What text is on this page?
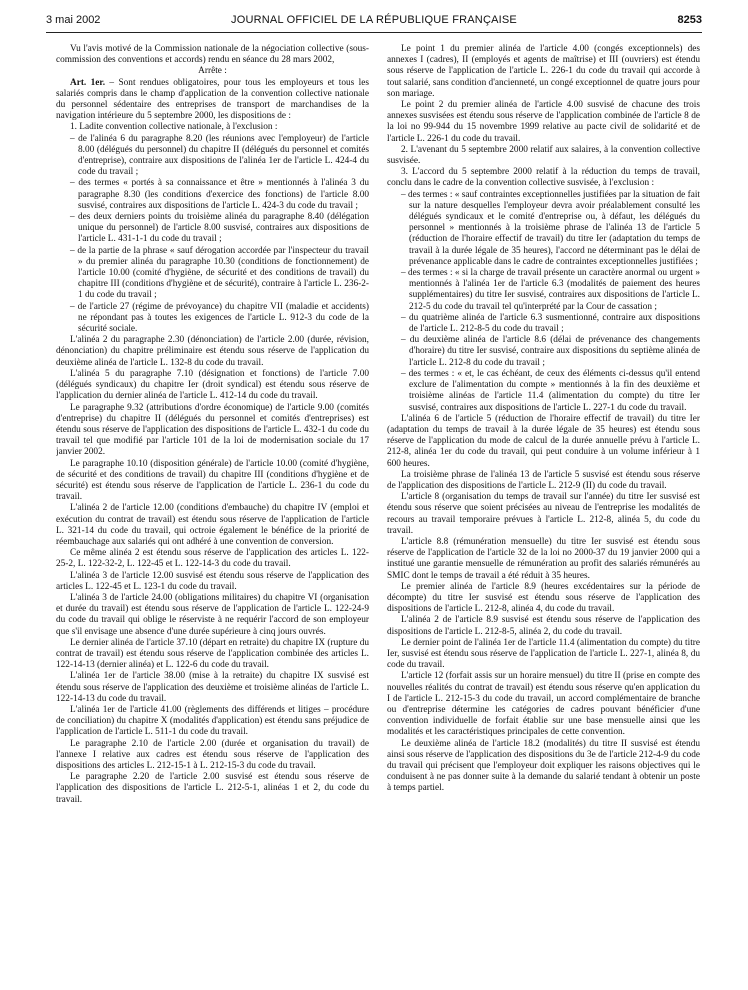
3 mai 2002	JOURNAL OFFICIEL DE LA RÉPUBLIQUE FRANÇAISE	8253

Vu l'avis motivé de la Commission nationale de la négociation collective (sous-commission des conventions et accords) rendu en séance du 28 mars 2002,

Arrête :

Art. 1er. – Sont rendues obligatoires, pour tous les employeurs et tous les salariés compris dans le champ d'application de la convention collective nationale du personnel sédentaire des entreprises de transport de marchandises de la navigation intérieure du 5 septembre 2000, les dispositions de :

1. Ladite convention collective nationale, à l'exclusion :

– de l'alinéa 6 du paragraphe 8.20 (les réunions avec l'employeur) de l'article 8.00 (délégués du personnel) du chapitre II (délégués du personnel et comités d'entreprise), contraire aux dispositions de l'alinéa 1er de l'article L. 424-4 du code du travail ;

– des termes « portés à sa connaissance et être » mentionnés à l'alinéa 3 du paragraphe 8.30 (les conditions d'exercice des fonctions) de l'article 8.00 susvisé, contraires aux dispositions de l'article L. 424-3 du code du travail ;

– des deux derniers points du troisième alinéa du paragraphe 8.40 (délégation unique du personnel) de l'article 8.00 susvisé, contraires aux dispositions de l'article L. 431-1-1 du code du travail ;

– de la partie de la phrase « sauf dérogation accordée par l'inspecteur du travail » du premier alinéa du paragraphe 10.30 (conditions de fonctionnement) de l'article 10.00 (comité d'hygiène, de sécurité et des conditions de travail) du chapitre III (conditions d'hygiène et de sécurité), contraire à l'article L. 236-2-1 du code du travail ;

– de l'article 27 (régime de prévoyance) du chapitre VII (maladie et accidents) ne répondant pas à toutes les exigences de l'article L. 912-3 du code de la sécurité sociale.

L'alinéa 2 du paragraphe 2.30 (dénonciation) de l'article 2.00 (durée, révision, dénonciation) du chapitre préliminaire est étendu sous réserve de l'application du deuxième alinéa de l'article L. 132-8 du code du travail.

L'alinéa 5 du paragraphe 7.10 (désignation et fonctions) de l'article 7.00 (délégués syndicaux) du chapitre Ier (droit syndical) est étendu sous réserve de l'application du dernier alinéa de l'article L. 412-14 du code du travail.

Le paragraphe 9.32 (attributions d'ordre économique) de l'article 9.00 (comités d'entreprise) du chapitre II (délégués du personnel et comités d'entreprises) est étendu sous réserve de l'application des dispositions de l'article L. 432-1 du code du travail tel que modifié par l'article 101 de la loi de modernisation sociale du 17 janvier 2002.

Le paragraphe 10.10 (disposition générale) de l'article 10.00 (comité d'hygiène, de sécurité et des conditions de travail) du chapitre III (conditions d'hygiène et de sécurité) est étendu sous réserve de l'application de l'article L. 236-1 du code du travail.

L'alinéa 2 de l'article 12.00 (conditions d'embauche) du chapitre IV (emploi et exécution du contrat de travail) est étendu sous réserve de l'application de l'article L. 321-14 du code du travail, qui octroie également le bénéfice de la priorité de réembauchage aux salariés qui ont adhéré à une convention de conversion.

Ce même alinéa 2 est étendu sous réserve de l'application des articles L. 122-25-2, L. 122-32-2, L. 122-45 et L. 122-14-3 du code du travail.

L'alinéa 3 de l'article 12.00 susvisé est étendu sous réserve de l'application des articles L. 122-45 et L. 123-1 du code du travail.

L'alinéa 3 de l'article 24.00 (obligations militaires) du chapitre VI (organisation et durée du travail) est étendu sous réserve de l'application de l'article L. 122-24-9 du code du travail qui oblige le réserviste à ne requérir l'accord de son employeur que s'il envisage une absence d'une durée supérieure à cinq jours ouvrés.

Le dernier alinéa de l'article 37.10 (départ en retraite) du chapitre IX (rupture du contrat de travail) est étendu sous réserve de l'application combinée des articles L. 122-14-13 (dernier alinéa) et L. 122-6 du code du travail.

L'alinéa 1er de l'article 38.00 (mise à la retraite) du chapitre IX susvisé est étendu sous réserve de l'application des deuxième et troisième alinéas de l'article L. 122-14-13 du code du travail.

L'alinéa 1er de l'article 41.00 (règlements des différends et litiges – procédure de conciliation) du chapitre X (modalités d'application) est étendu sans préjudice de l'application de l'article L. 511-1 du code du travail.

Le paragraphe 2.10 de l'article 2.00 (durée et organisation du travail) de l'annexe I relative aux cadres est étendu sous réserve de l'application des dispositions des articles L. 212-15-1 à L. 212-15-3 du code du travail.

Le paragraphe 2.20 de l'article 2.00 susvisé est étendu sous réserve de l'application des dispositions de l'article L. 212-5-1, alinéas 1 et 2, du code du travail.

Le point 1 du premier alinéa de l'article 4.00 (congés exceptionnels) des annexes I (cadres), II (employés et agents de maîtrise) et III (ouvriers) est étendu sous réserve de l'application de l'article L. 226-1 du code du travail qui accorde à tout salarié, sans condition d'ancienneté, un congé exceptionnel de quatre jours pour son mariage.

Le point 2 du premier alinéa de l'article 4.00 susvisé de chacune des trois annexes susvisées est étendu sous réserve de l'application combinée de l'article 8 de la loi no 99-944 du 15 novembre 1999 relative au pacte civil de solidarité et de l'article L. 226-1 du code du travail.

2. L'avenant du 5 septembre 2000 relatif aux salaires, à la convention collective susvisée.

3. L'accord du 5 septembre 2000 relatif à la réduction du temps de travail, conclu dans le cadre de la convention collective susvisée, à l'exclusion :

– des termes : « sauf contraintes exceptionnelles justifiées par la situation de fait sur la nature desquelles l'employeur devra avoir préalablement consulté les délégués syndicaux et le comité d'entreprise ou, à défaut, les délégués du personnel » mentionnés à la troisième phrase de l'alinéa 13 de l'article 5 (réduction de l'horaire effectif de travail) du titre Ier (adaptation du temps de travail à la durée légale de 35 heures), l'accord ne déterminant pas le délai de prévenance applicable dans le cadre de contraintes exceptionnelles justifiées ;

– des termes : « si la charge de travail présente un caractère anormal ou urgent » mentionnés à l'alinéa 1er de l'article 6.3 (modalités de paiement des heures supplémentaires) du titre Ier susvisé, contraires aux dispositions de l'article L. 212-5 du code du travail tel qu'interprété par la Cour de cassation ;

– du quatrième alinéa de l'article 6.3 susmentionné, contraire aux dispositions de l'article L. 212-8-5 du code du travail ;

– du deuxième alinéa de l'article 8.6 (délai de prévenance des changements d'horaire) du titre Ier susvisé, contraire aux dispositions du septième alinéa de l'article L. 212-8 du code du travail ;

– des termes : « et, le cas échéant, de ceux des éléments ci-dessus qu'il entend exclure de l'alimentation du compte » mentionnés à la fin des deuxième et troisième alinéas de l'article 11.4 (alimentation du compte) du titre Ier susvisé, contraires aux dispositions de l'article L. 227-1 du code du travail.

L'alinéa 6 de l'article 5 (réduction de l'horaire effectif de travail) du titre Ier (adaptation du temps de travail à la durée légale de 35 heures) est étendu sous réserve de l'application du mode de calcul de la durée annuelle prévu à l'article L. 212-8, alinéa 1er du code du travail, qui peut conduire à un volume inférieur à 1 600 heures.

La troisième phrase de l'alinéa 13 de l'article 5 susvisé est étendu sous réserve de l'application des dispositions de l'article L. 212-9 (II) du code du travail.

L'article 8 (organisation du temps de travail sur l'année) du titre Ier susvisé est étendu sous réserve que soient précisées au niveau de l'entreprise les modalités de recours au travail temporaire prévues à l'article L. 212-8, alinéa 5, du code du travail.

L'article 8.8 (rémunération mensuelle) du titre Ier susvisé est étendu sous réserve de l'application de l'article 32 de la loi no 2000-37 du 19 janvier 2000 qui a institué une garantie mensuelle de rémunération au profit des salariés rémunérés au SMIC dont le temps de travail a été réduit à 35 heures.

Le premier alinéa de l'article 8.9 (heures excédentaires sur la période de décompte) du titre Ier susvisé est étendu sous réserve de l'application des dispositions de l'article L. 212-8, alinéa 4, du code du travail.

L'alinéa 2 de l'article 8.9 susvisé est étendu sous réserve de l'application des dispositions de l'article L. 212-8-5, alinéa 2, du code du travail.

Le dernier point de l'alinéa 1er de l'article 11.4 (alimentation du compte) du titre Ier, susvisé est étendu sous réserve de l'application de l'article L. 227-1, alinéa 8, du code du travail.

L'article 12 (forfait assis sur un horaire mensuel) du titre II (prise en compte des nouvelles réalités du contrat de travail) est étendu sous réserve qu'en application du I de l'article L. 212-15-3 du code du travail, un accord complémentaire de branche ou d'entreprise détermine les catégories de cadres pouvant bénéficier d'une convention individuelle de forfait établie sur une base mensuelle ainsi que les modalités et les caractéristiques principales de cette convention.

Le deuxième alinéa de l'article 18.2 (modalités) du titre II susvisé est étendu ainsi sous réserve de l'application des dispositions du 3e de l'article 212-4-9 du code du travail qui précisent que l'employeur doit expliquer les raisons objectives qui le conduisent à ne pas donner suite à la demande du salarié tendant à obtenir un poste à temps partiel.
